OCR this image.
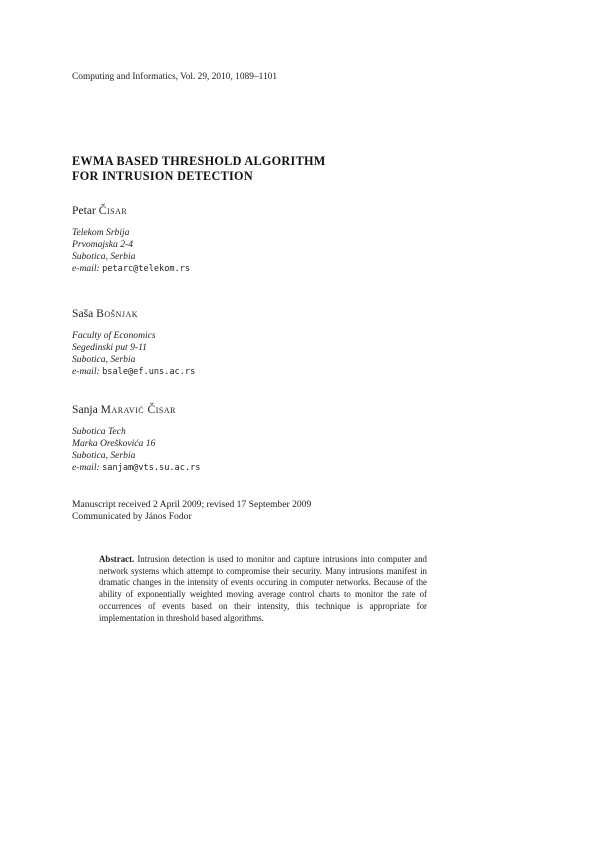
Computing and Informatics, Vol. 29, 2010, 1089–1101
EWMA BASED THRESHOLD ALGORITHM
FOR INTRUSION DETECTION
Petar Čisar
Telekom Srbija
Prvomajska 2-4
Subotica, Serbia
e-mail: petarc@telekom.rs
Saša Bošnjak
Faculty of Economics
Segedinski put 9-11
Subotica, Serbia
e-mail: bsale@ef.uns.ac.rs
Sanja Maravić Čisar
Subotica Tech
Marka Oreškovića 16
Subotica, Serbia
e-mail: sanjam@vts.su.ac.rs
Manuscript received 2 April 2009; revised 17 September 2009
Communicated by János Fodor
Abstract. Intrusion detection is used to monitor and capture intrusions into computer and network systems which attempt to compromise their security. Many intrusions manifest in dramatic changes in the intensity of events occuring in computer networks. Because of the ability of exponentially weighted moving average control charts to monitor the rate of occurrences of events based on their intensity, this technique is appropriate for implementation in threshold based algorithms.
